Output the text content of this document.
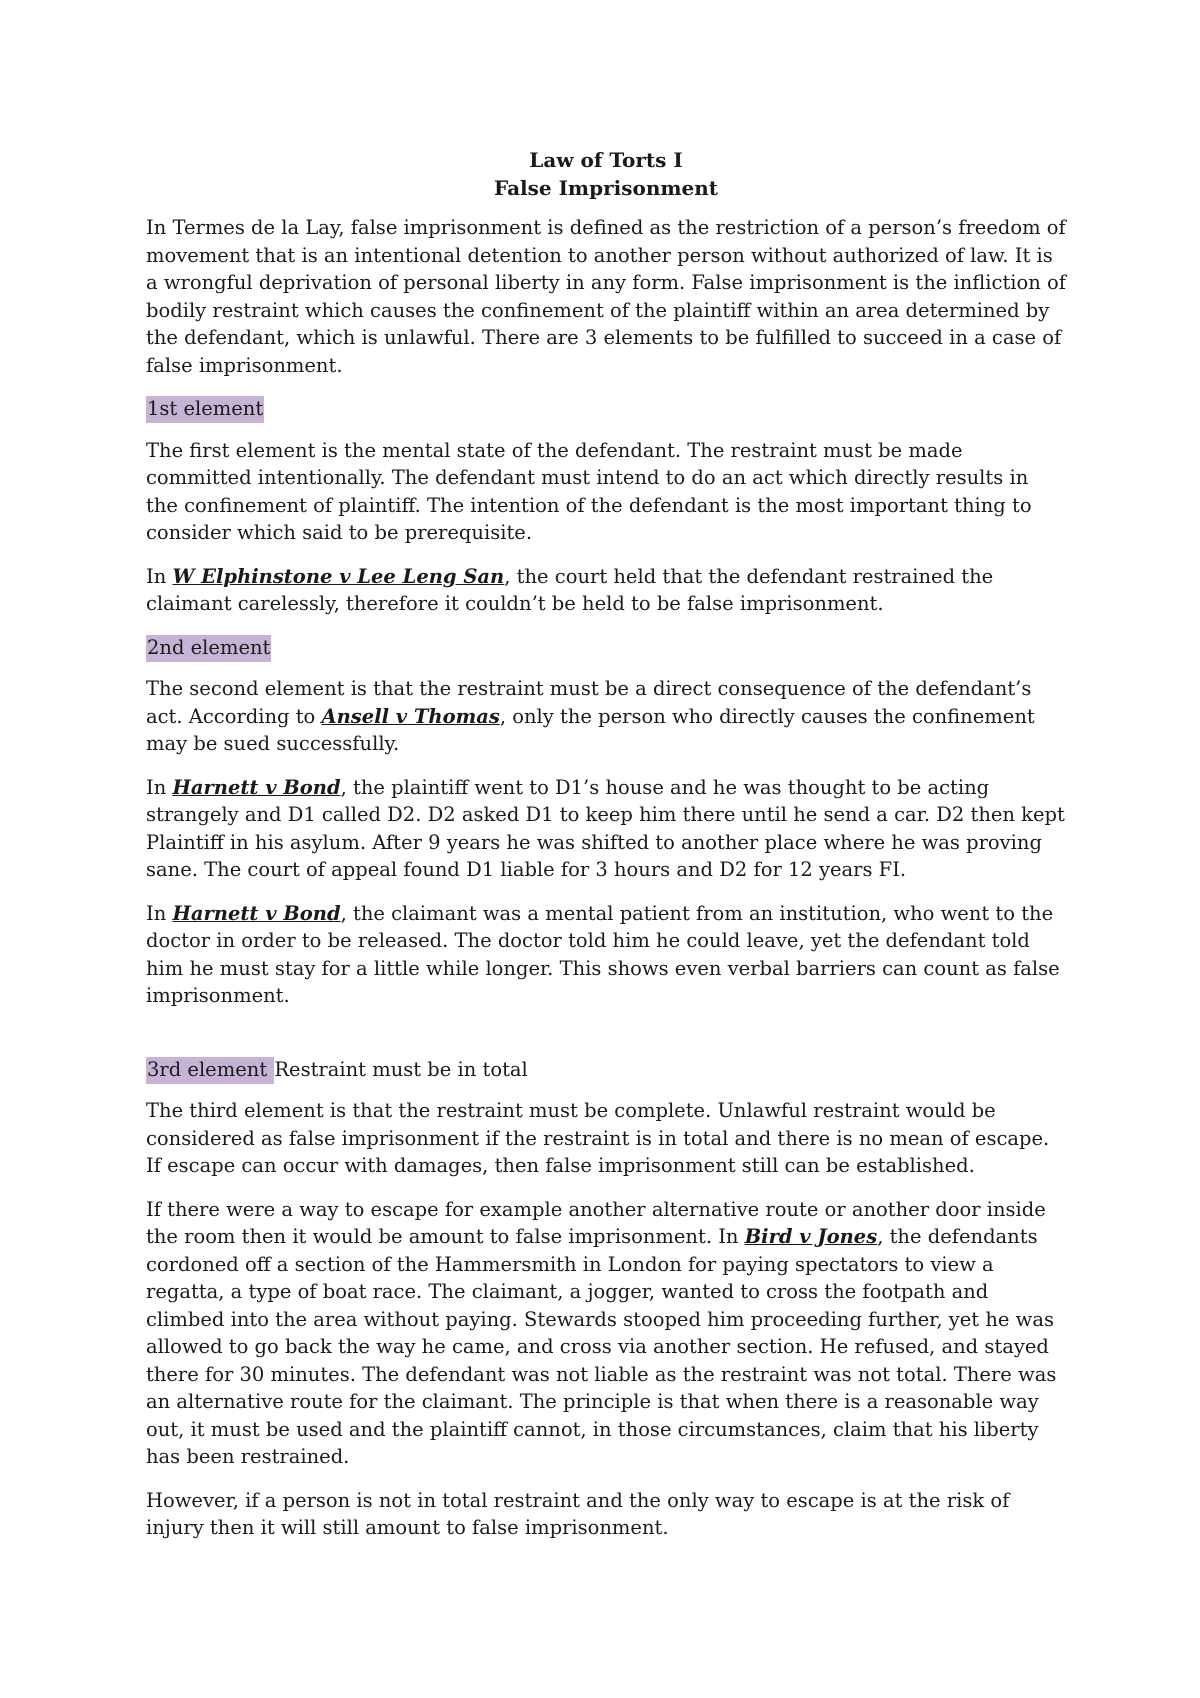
Law of Torts I
False Imprisonment

In Termes de la Lay, false imprisonment is defined as the restriction of a person’s freedom of movement that is an intentional detention to another person without authorized of law. It is a wrongful deprivation of personal liberty in any form. False imprisonment is the infliction of bodily restraint which causes the confinement of the plaintiff within an area determined by the defendant, which is unlawful. There are 3 elements to be fulfilled to succeed in a case of false imprisonment.

1st element

The first element is the mental state of the defendant. The restraint must be made committed intentionally. The defendant must intend to do an act which directly results in the confinement of plaintiff. The intention of the defendant is the most important thing to consider which said to be prerequisite.

In W Elphinstone v Lee Leng San, the court held that the defendant restrained the claimant carelessly, therefore it couldn’t be held to be false imprisonment.

2nd element

The second element is that the restraint must be a direct consequence of the defendant’s act. According to Ansell v Thomas, only the person who directly causes the confinement may be sued successfully.

In Harnett v Bond, the plaintiff went to D1’s house and he was thought to be acting strangely and D1 called D2. D2 asked D1 to keep him there until he send a car. D2 then kept Plaintiff in his asylum. After 9 years he was shifted to another place where he was proving sane. The court of appeal found D1 liable for 3 hours and D2 for 12 years FI.

In Harnett v Bond, the claimant was a mental patient from an institution, who went to the doctor in order to be released. The doctor told him he could leave, yet the defendant told him he must stay for a little while longer. This shows even verbal barriers can count as false imprisonment.

3rd element Restraint must be in total

The third element is that the restraint must be complete. Unlawful restraint would be considered as false imprisonment if the restraint is in total and there is no mean of escape. If escape can occur with damages, then false imprisonment still can be established.

If there were a way to escape for example another alternative route or another door inside the room then it would be amount to false imprisonment. In Bird v Jones, the defendants cordoned off a section of the Hammersmith in London for paying spectators to view a regatta, a type of boat race. The claimant, a jogger, wanted to cross the footpath and climbed into the area without paying. Stewards stooped him proceeding further, yet he was allowed to go back the way he came, and cross via another section. He refused, and stayed there for 30 minutes. The defendant was not liable as the restraint was not total. There was an alternative route for the claimant. The principle is that when there is a reasonable way out, it must be used and the plaintiff cannot, in those circumstances, claim that his liberty has been restrained.

However, if a person is not in total restraint and the only way to escape is at the risk of injury then it will still amount to false imprisonment.
